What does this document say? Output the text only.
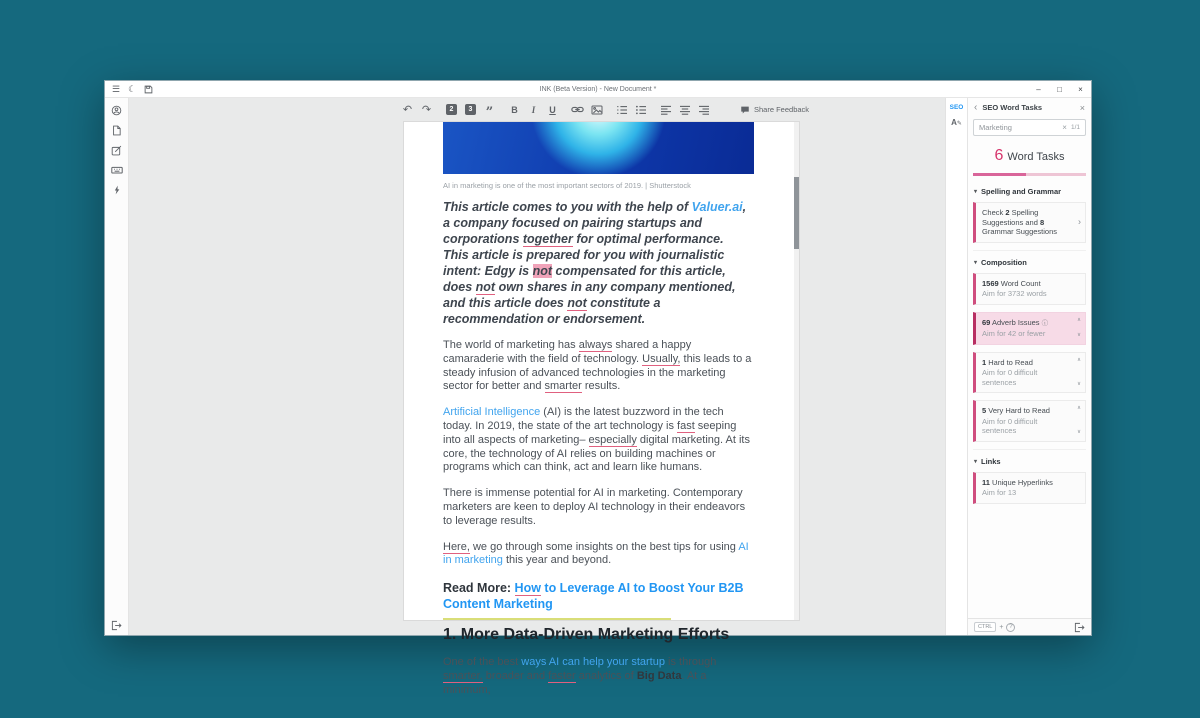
☰ ☾	INK (Beta Version) - New Document *	–	□	×
↶ ↷	2	3 ”	B	I	U	Share Feedback
AI in marketing is one of the most important sectors of 2019. | Shutterstock
This article comes to you with the help of Valuer.ai, a company focused on pairing startups and corporations together for optimal performance. This article is prepared for you with journalistic intent: Edgy is not compensated for this article, does not own shares in any company mentioned, and this article does not constitute a recommendation or endorsement.
The world of marketing has always shared a happy camaraderie with the field of technology. Usually, this leads to a steady infusion of advanced technologies in the marketing sector for better and smarter results.
Artificial Intelligence (AI) is the latest buzzword in the tech today. In 2019, the state of the art technology is fast seeping into all aspects of marketing– especially digital marketing. At its core, the technology of AI relies on building machines or programs which can think, act and learn like humans.
There is immense potential for AI in marketing. Contemporary marketers are keen to deploy AI technology in their endeavors to leverage results.
Here, we go through some insights on the best tips for using AI in marketing this year and beyond.
Read More: How to Leverage AI to Boost Your B2B Content Marketing
1. More Data-Driven Marketing Efforts
One of the best ways AI can help your startup is through smarter, broader and faster analytics of Big Data. At a minimum,
SEO
A✎
‹ SEO Word Tasks	×
Marketing	× 1/1
6 Word Tasks
▾ Spelling and Grammar
Check 2 Spelling Suggestions and 8 Grammar Suggestions
›
▾ Composition
1569 Word Count
Aim for 3732 words
69 Adverb Issues ⓘ
Aim for 42 or fewer
∧
∨
1 Hard to Read
Aim for 0 difficult sentences
∧
∨
5 Very Hard to Read
Aim for 0 difficult sentences
∧
∨
▾ Links
11 Unique Hyperlinks
Aim for 13
CTRL	+ ?
